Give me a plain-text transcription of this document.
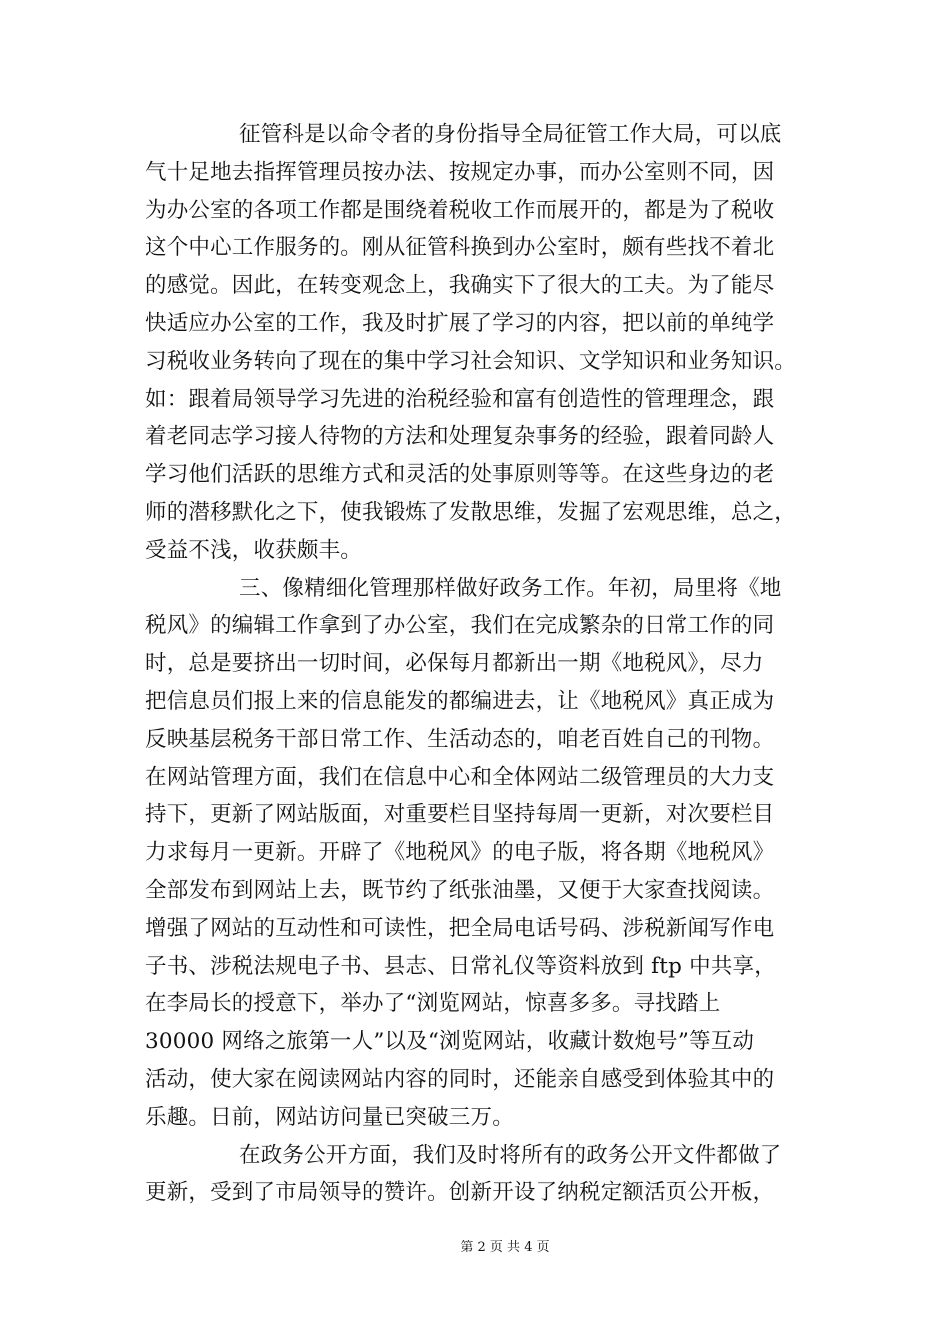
征管科是以命令者的身份指导全局征管工作大局，可以底
气十足地去指挥管理员按办法、按规定办事，而办公室则不同，因
为办公室的各项工作都是围绕着税收工作而展开的，都是为了税收
这个中心工作服务的。刚从征管科换到办公室时，颇有些找不着北
的感觉。因此，在转变观念上，我确实下了很大的工夫。为了能尽
快适应办公室的工作，我及时扩展了学习的内容，把以前的单纯学
习税收业务转向了现在的集中学习社会知识、文学知识和业务知识。
如：跟着局领导学习先进的治税经验和富有创造性的管理理念，跟
着老同志学习接人待物的方法和处理复杂事务的经验，跟着同龄人
学习他们活跃的思维方式和灵活的处事原则等等。在这些身边的老
师的潜移默化之下，使我锻炼了发散思维，发掘了宏观思维，总之，
受益不浅，收获颇丰。
三、像精细化管理那样做好政务工作。年初，局里将《地
税风》的编辑工作拿到了办公室，我们在完成繁杂的日常工作的同
时，总是要挤出一切时间，必保每月都新出一期《地税风》，尽力
把信息员们报上来的信息能发的都编进去，让《地税风》真正成为
反映基层税务干部日常工作、生活动态的，咱老百姓自己的刊物。
在网站管理方面，我们在信息中心和全体网站二级管理员的大力支
持下，更新了网站版面，对重要栏目坚持每周一更新，对次要栏目
力求每月一更新。开辟了《地税风》的电子版，将各期《地税风》
全部发布到网站上去，既节约了纸张油墨，又便于大家查找阅读。
增强了网站的互动性和可读性，把全局电话号码、涉税新闻写作电
子书、涉税法规电子书、县志、日常礼仪等资料放到 ftp 中共享，
在李局长的授意下，举办了“浏览网站，惊喜多多。寻找踏上
30000 网络之旅第一人”以及“浏览网站，收藏计数炮号”等互动
活动，使大家在阅读网站内容的同时，还能亲自感受到体验其中的
乐趣。日前，网站访问量已突破三万。
在政务公开方面，我们及时将所有的政务公开文件都做了
更新，受到了市局领导的赞许。创新开设了纳税定额活页公开板，
第 2 页 共 4 页
